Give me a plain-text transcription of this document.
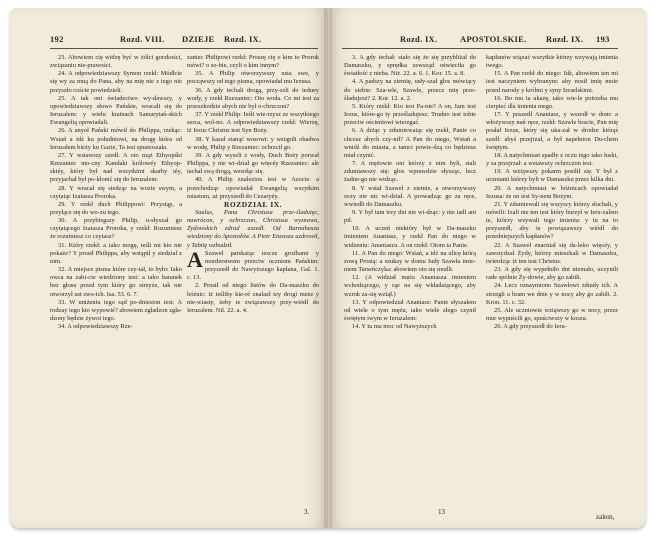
192	Rozd. VIII. DZIEJE Rozd. IX.

23. Abowiem cię widzę być w żółci gorzkości, związaniu nie-prawości.

24. A odpowiedziawszy Symon rzekł: Módlcie się wy za mną do Pana, aby na mię nie z tego nie przyszło coście powiedzieli.

25. A tak oni świadectwo wy-dawszy, y opowiedziawszy słowo Pańskie, wracali się do Ieruzalem: y wielu krainach Samarytań-skich Ewangelią opowiadali.

26. A anyoł Pański mówił do Philippa, rzekąc: Wstań a idź ku południowi, na drogę która od Ieruzalem bieży ku Gazie, Ta iest spustoszała.

27. Y wstawszy szedł. A oto mąż Ethyopśki Rzezaniec mo-cny Kandaki królowéy Ethyop-skiéy, który był nad wszytkimi skarby iéy, przyjachał był po-kłonić się do Ieruzalem:

28. Y wracał się siedząc na wozie swym, a czytaiąc Izaiasza Proroka.

29. Y rzekł duch Philippowi: Przystąp, a przyłącz się do wo-zu tego.

30. A przybiegszy Philip, u-słyszał go czytaiącego Izaiasza Proroka, y rzekł: Rozumiesz że rozumiesz co czytasz?

31. Który rzekł: a iako mogę, ieśli mi kto nie pokaże? Y prosił Philippa, aby wstąpił y siedział z nim.

32. A miejsce pisma które czy-tał, to było: Iako owca na zabi-cie wiedziony iest: a iako baranek bez głosu przed tym który go strzyże, tak nie otworzył ust swo-ich. Isa. 53. 6. 7.

33. W uniżeniu iego sąd po-dniesion iest: A rodzay iego kto wypowié? abowiem zgładzon zgła-dzony będzie żywot iego.

34. A odpowiedziawszy Rze-

zaniec Philipowi rzekł: Proszę cię o kim to Prorok mówi? o so-bie, czyli o kim innym?

35. A Philip otworzywszy usta swe, y począwszy od tego pisma, opowiadał mu Iezusa.

36. A gdy iechali drogą, przy-szli do ieduey wody, y rzekł Rzezaniec: Oto woda. Co mi iest za przeszkodzie abych nie był o-chrzczon?

37. Y rzekł Philip: Ieśli wie-rzysz ze wszytkiego serca, wol-no. A odpowiedziawszy rzekł: Wierzę, iż Iezus Christus iest Syn Boży.

38. Y kazał stanąć wozowi: y wstąpili obadwa w wodę, Philip y Rzezaniec: ochrzcił go.

39. A gdy wyszli z wody, Duch Boży porwał Philippa, y nie wi-dział go więcéy Rzezaniec: ale iachał swą drogą, wesołąc się.

40. A Philip znaleziou iest w Azocie: a przechodząc opowiadał Ewangelią wszytkim miastom, aż przyszedł do Cezaryéy.

ROZDZIAŁ IX.

Saulus, Pana Christusa prze-śladuięc, nawrócon, y ochrzczon, Christusa wyznawa, Żydowskich zdrad uszedł. Od Barnabasza wiedziony do Apostołów. A Piotr Eneasza uzdrowił, y Tabitę wzbudził.

A Szaweł parskaiąc iescze groźbami y morderstwem przeciw uczniom Pańskim: przyszedł do Nawyższego kapłana, Gal. 1. c. 13.

2. Prosił od niego listów do Da-maszku do bóżnic: iż ieśliby kie-ré znalazł tey drogi meże y nie-wiasty, żeby ie związawszy przy-wiódł do Ieruzalem. Nil. 22. a. 4.

3.
Rozd. IX.	APOSTOLSKIE. Rozd. IX. 193

3. A gdy iechał: stało się że się przybliżał do Damaszku, y sprędka zewsząd oświeciła go światłość z nieba. Niż. 22. a. 6. 1. Kor. 15. a. 8.

4. A padszy na ziemię, usły-szał głos mówiący do siebie: Sza-wle, Szawle, przecz mię prze-śladujesz? 2. Kor. 12. a. 2.

5. Który rzekł: Kto iest Pa-nie? A on, Iam iest Iezus, które-go ty prześladujesz: Trudno iest tobie przeciw ościeniowi wierzgać.

6. A drżąc y zdumiewaiąc się rzekł, Panie co chcesz abych czy-nił? A Pan do niego, Wstań a wnidź do miasta, a tamci powie-dzą co będziesz miał czynić.

7. A mężowie oni którzy z nim byli, stali zdumiawszy się: głos wprawdzie słysząc, lecz żadne-go nie widząc.

8. Y wstał Szaweł z ziemie, a otworzywszy oczy nie nic wi-dział. A prowadząc go za ręce, wwiedli do Damaszku.

9. Y był tam trzy dni nie wi-dząc: y nie iadł ani pił.

10. A uczeń niektóry był w Da-maszku imieniem Ananiasz, y rzekł Pan do niego w widzeniu: Ananiaszu. A on rzekł: Otom ia Panie.

11. A Pan do niego: Wstań, a idź na ulicę którą zową Prostą: a szukay w domu Iudy Szawła imie-niem Tarseńczyka: abowiem oto się modli.

12. (A widział męża Ananiasza imieniem wchodzącego, y rąe na się wkładaiącego, aby wzrok za-się wziął.)

13. Y odpowiedział Ananiasz: Panie słyszałem od wiele o tym mężu, iako wiele złego czynił świętym twym w Ieruzalem:

14. Y tu ma moc od Nawyższych

kapłanów wiązać wszytkie którzy wzywają imienia twego.

15. A Pan rzekł do niego: Idź, abowiem ten mi iest naczyniem wybranym: aby nosił imię moie przed narody y królmi y syny Izraelskimi.

16. Bo mu ia ukażę, iako wie-le potrzeba mu cierpieć dla imienia mego.

17. Y poszedł Ananiasz, y wszedł w dom: a włożywszy nań ręce, rzekł: Szawle bracie, Pan mię posłał Iezus, który się uka-zał w drodze którąś szedł: abyś przejrzał, a był napełnion Du-chem świętym.

18. A natychmiast spadły z oczu iego iako łuski, y za przejrzał: a wstawszy ochrzczon iest.

19. A wziąwszy pokarm posilił się. Y był z uczniami którzy byli w Damaszku przez kilka dni.

20. A natychmiast w bóżnicach opowiadał Iezusa: że on iest Sy-nem Bożym.

21. Y zdumiewali się wszyscy którzy słuchali, y mówili: Izali nie ten iest który burzył w Ieru-zalem te, którzy wzywali tego imienia: y tu na to przyszedł, aby ie powiązawszy wiódł do przedniejszych kapłanów?

22. A Szaweł znacniał się da-leko więcéy, y zawstydzał Żydy, którzy mieszkali w Damaszku, twierdząc iż ten iest Christus.

23. A gdy się wypełniło dni niemało, uczynili rade spólnie Ży-dowie, aby go zabili.

24. Lecz oznaymiono Szawłowi zdrady ich. A strzegli u bram we dnie y w nocy aby go zabili. 2. Kron. 11. c. 32.

25. Ale uczniowie wziąwszy go w nocy, przez mur wypuścili go, spuściwszy w koszu.

26. A gdy przyszedł do Ieru-

13
zalem,
